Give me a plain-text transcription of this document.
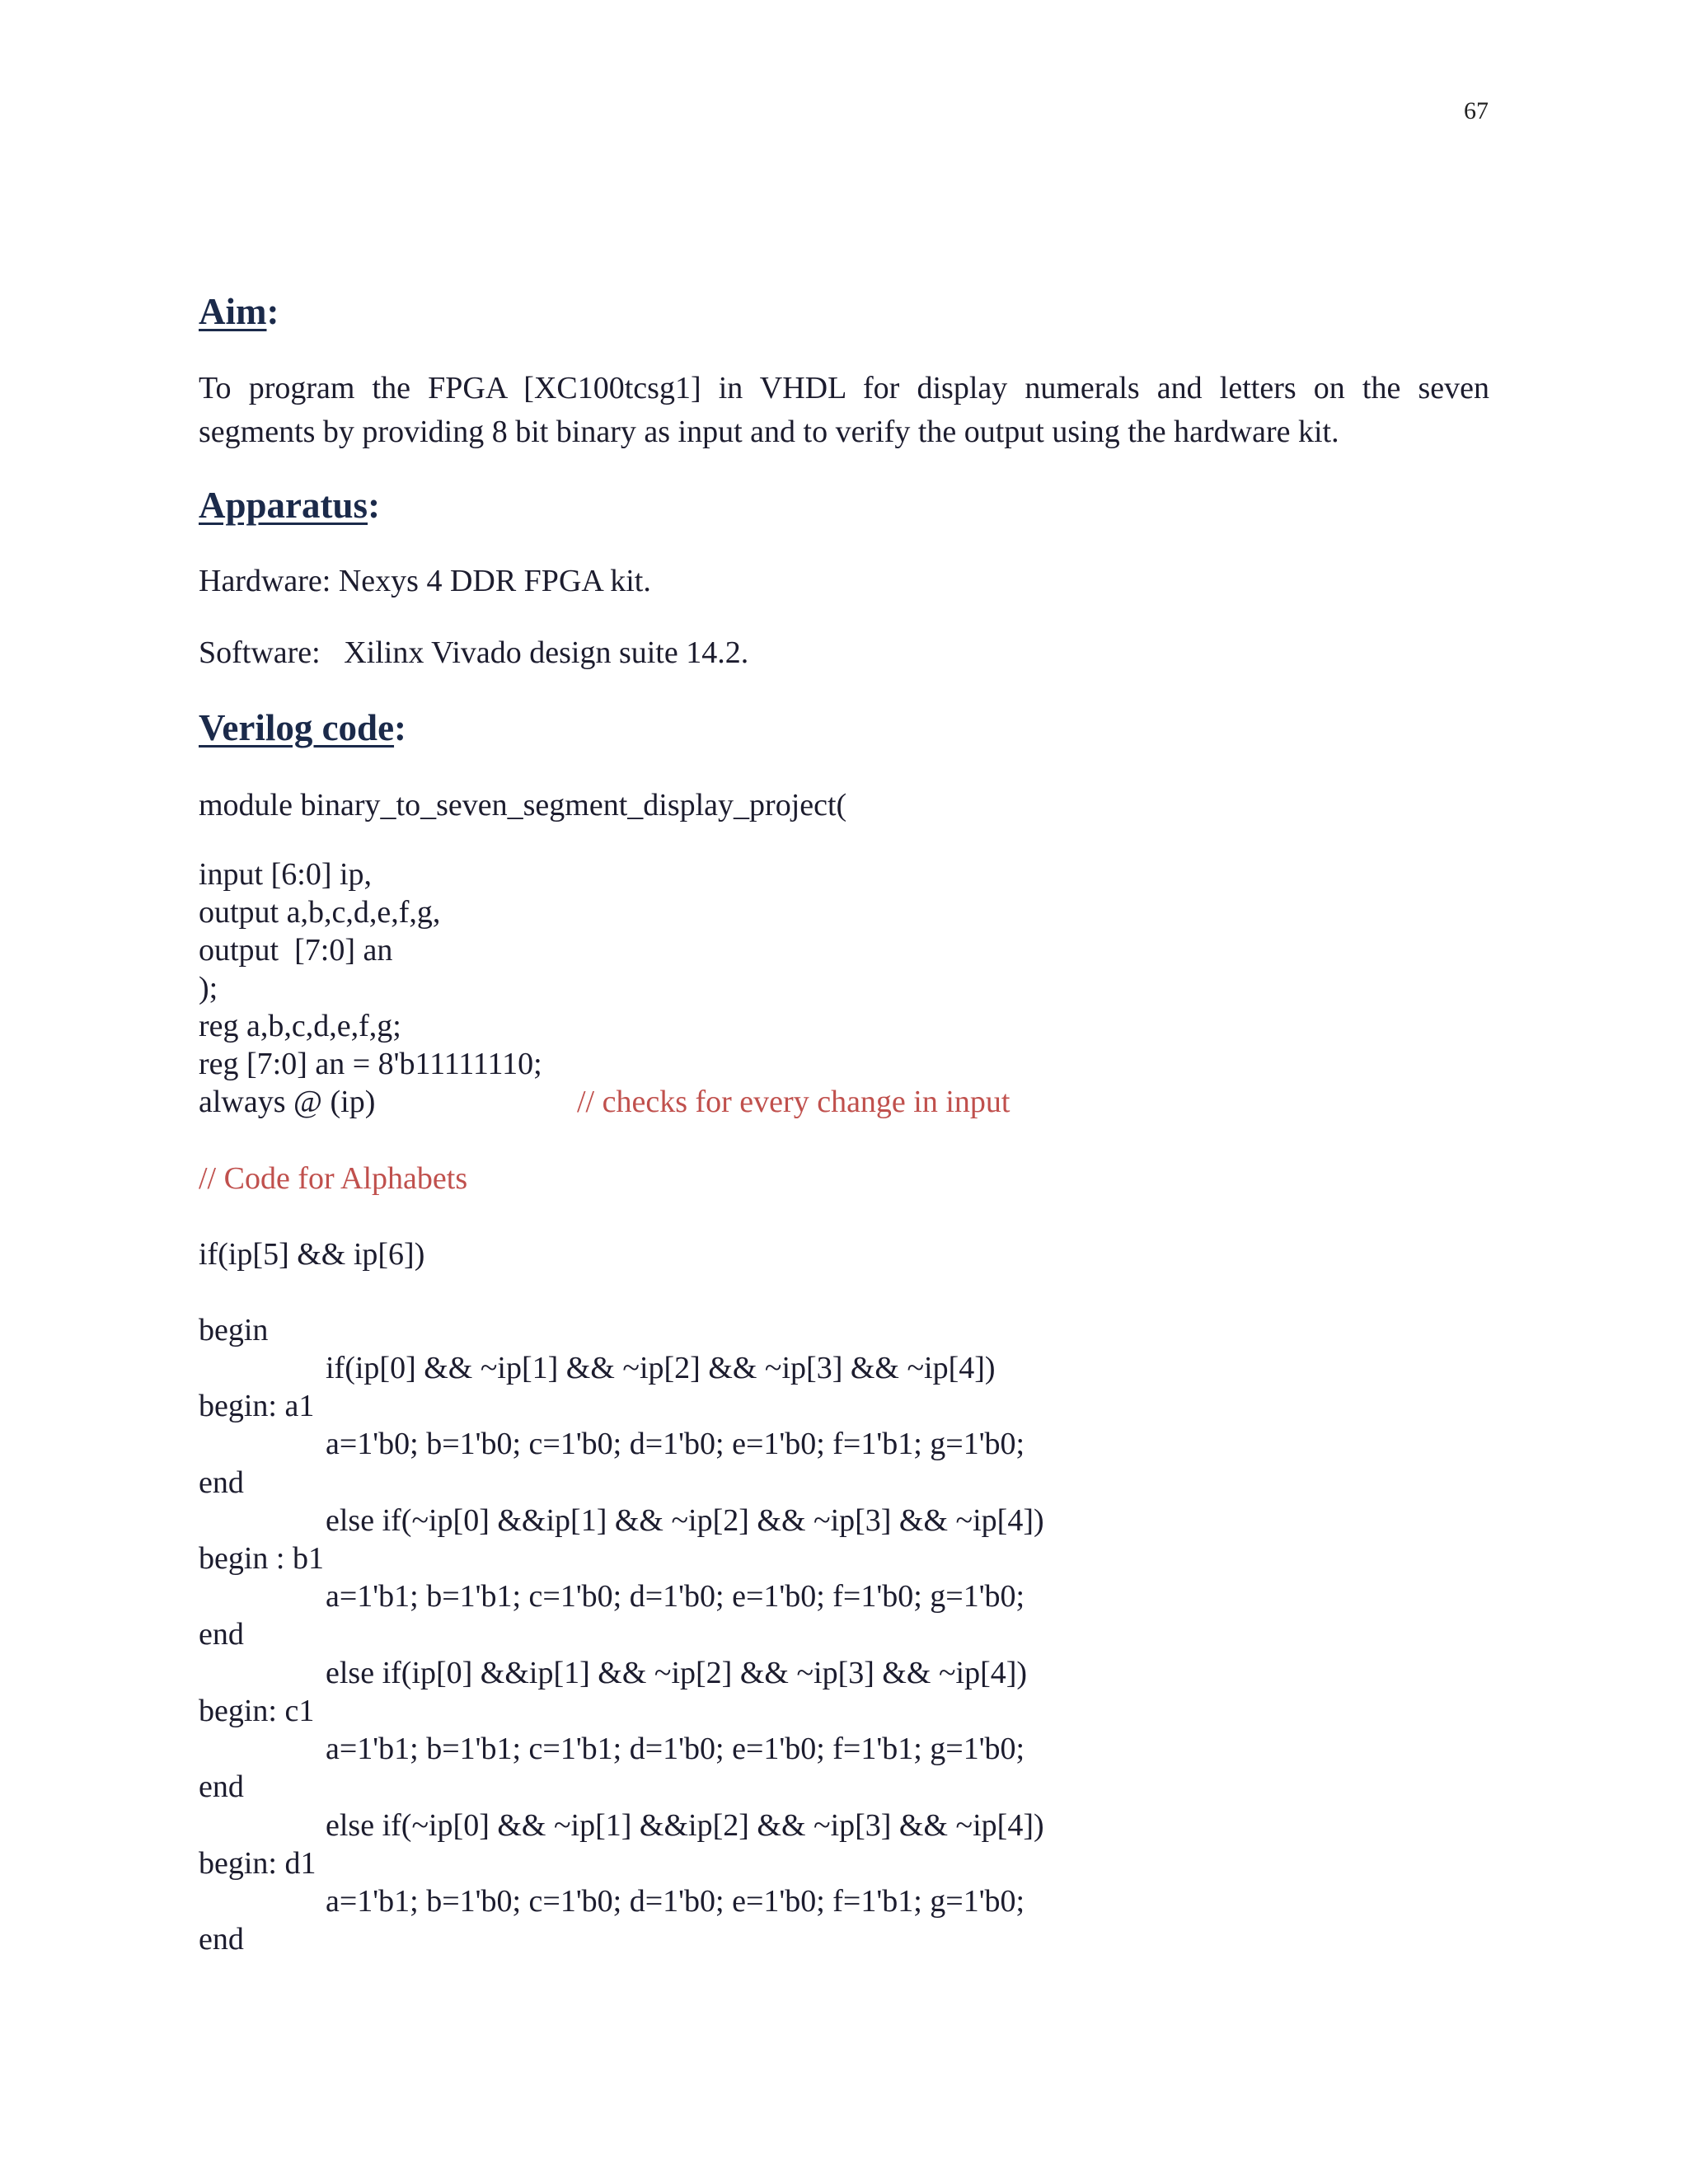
67
Aim:
To program the FPGA [XC100tcsg1] in VHDL for display numerals and letters on the seven
segments by providing 8 bit binary as input and to verify the output using the hardware kit.
Apparatus:
Hardware: Nexys 4 DDR FPGA kit.
Software:   Xilinx Vivado design suite 14.2.
Verilog code:
module binary_to_seven_segment_display_project(
input [6:0] ip,
output a,b,c,d,e,f,g,
output  [7:0] an
);
reg a,b,c,d,e,f,g;
reg [7:0] an = 8'b11111110;
always @ (ip)	// checks for every change in input
// Code for Alphabets
if(ip[5] && ip[6])
begin
if(ip[0] && ~ip[1] && ~ip[2] && ~ip[3] && ~ip[4])
begin: a1
a=1'b0; b=1'b0; c=1'b0; d=1'b0; e=1'b0; f=1'b1; g=1'b0;
end
else if(~ip[0] &&ip[1] && ~ip[2] && ~ip[3] && ~ip[4])
begin : b1
a=1'b1; b=1'b1; c=1'b0; d=1'b0; e=1'b0; f=1'b0; g=1'b0;
end
else if(ip[0] &&ip[1] && ~ip[2] && ~ip[3] && ~ip[4])
begin: c1
a=1'b1; b=1'b1; c=1'b1; d=1'b0; e=1'b0; f=1'b1; g=1'b0;
end
else if(~ip[0] && ~ip[1] &&ip[2] && ~ip[3] && ~ip[4])
begin: d1
a=1'b1; b=1'b0; c=1'b0; d=1'b0; e=1'b0; f=1'b1; g=1'b0;
end
